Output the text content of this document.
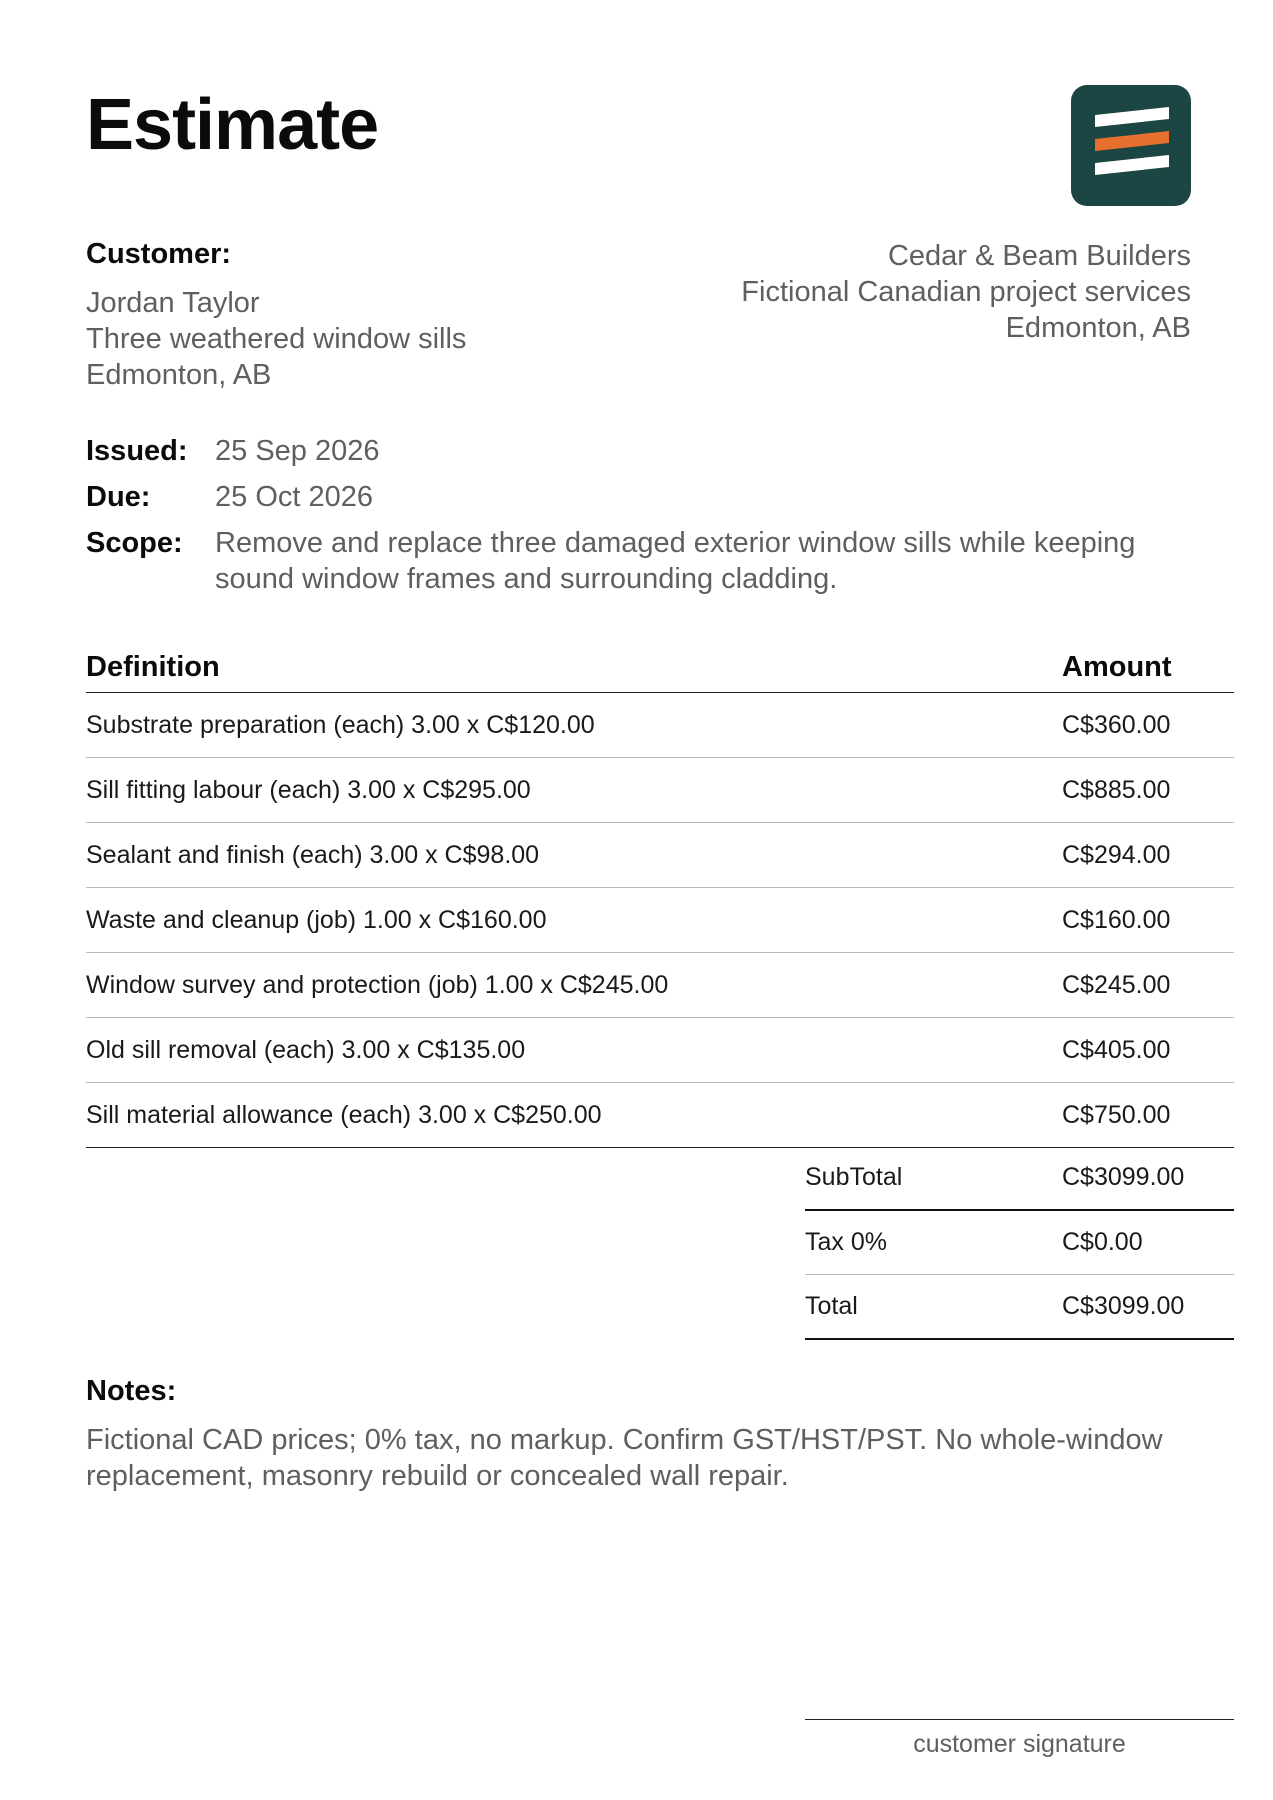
Estimate
Customer:
Jordan Taylor
Three weathered window sills
Edmonton, AB
Cedar & Beam Builders
Fictional Canadian project services
Edmonton, AB
Issued: 25 Sep 2026
Due:	25 Oct 2026
Scope:	Remove and replace three damaged exterior window sills while keeping sound window frames and surrounding cladding.
Definition	Amount
Substrate preparation (each) 3.00 x C$120.00	C$360.00
Sill fitting labour (each) 3.00 x C$295.00	C$885.00
Sealant and finish (each) 3.00 x C$98.00	C$294.00
Waste and cleanup (job) 1.00 x C$160.00	C$160.00
Window survey and protection (job) 1.00 x C$245.00	C$245.00
Old sill removal (each) 3.00 x C$135.00	C$405.00
Sill material allowance (each) 3.00 x C$250.00	C$750.00
SubTotal	C$3099.00
Tax 0%	C$0.00
Total	C$3099.00
Notes:
Fictional CAD prices; 0% tax, no markup. Confirm GST/HST/PST. No whole-window replacement, masonry rebuild or concealed wall repair.
customer signature
